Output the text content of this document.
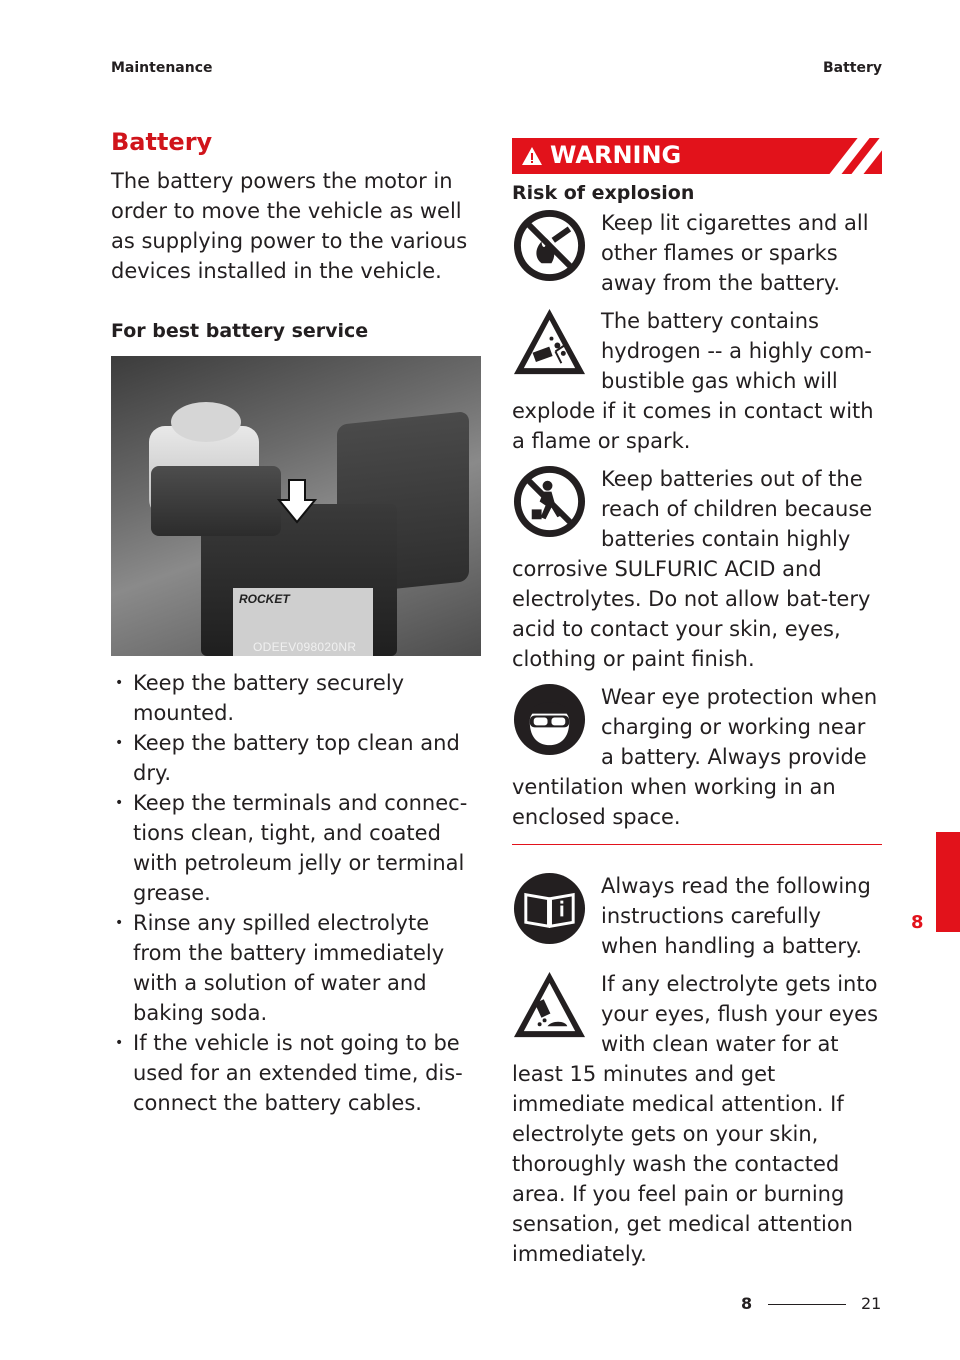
Maintenance	Battery
Battery

The battery powers the motor in order to move the vehicle as well as supplying power to the various devices installed in the vehicle.

For best battery service
ROCKET
ODEEV098020NR
• Keep the battery securely mounted.
• Keep the battery top clean and dry.
• Keep the terminals and connec-tions clean, tight, and coated with petroleum jelly or terminal grease.
• Rinse any spilled electrolyte from the battery immediately with a solution of water and baking soda.
• If the vehicle is not going to be used for an extended time, dis-connect the battery cables.
WARNING
Risk of explosion
Keep lit cigarettes and all other flames or sparks away from the battery.
The battery contains hydrogen -- a highly com-bustible gas which will explode if it comes in contact with a flame or spark.
Keep batteries out of the reach of children because batteries contain highly corrosive SULFURIC ACID and electrolytes. Do not allow bat-tery acid to contact your skin, eyes, clothing or paint finish.
Wear eye protection when charging or working near a battery. Always provide ventilation when working in an enclosed space.
Always read the following instructions carefully when handling a battery.
If any electrolyte gets into your eyes, flush your eyes with clean water for at least 15 minutes and get immediate medical attention. If electrolyte gets on your skin, thoroughly wash the contacted area. If you feel pain or burning sensation, get medical attention immediately.
8
8	21
